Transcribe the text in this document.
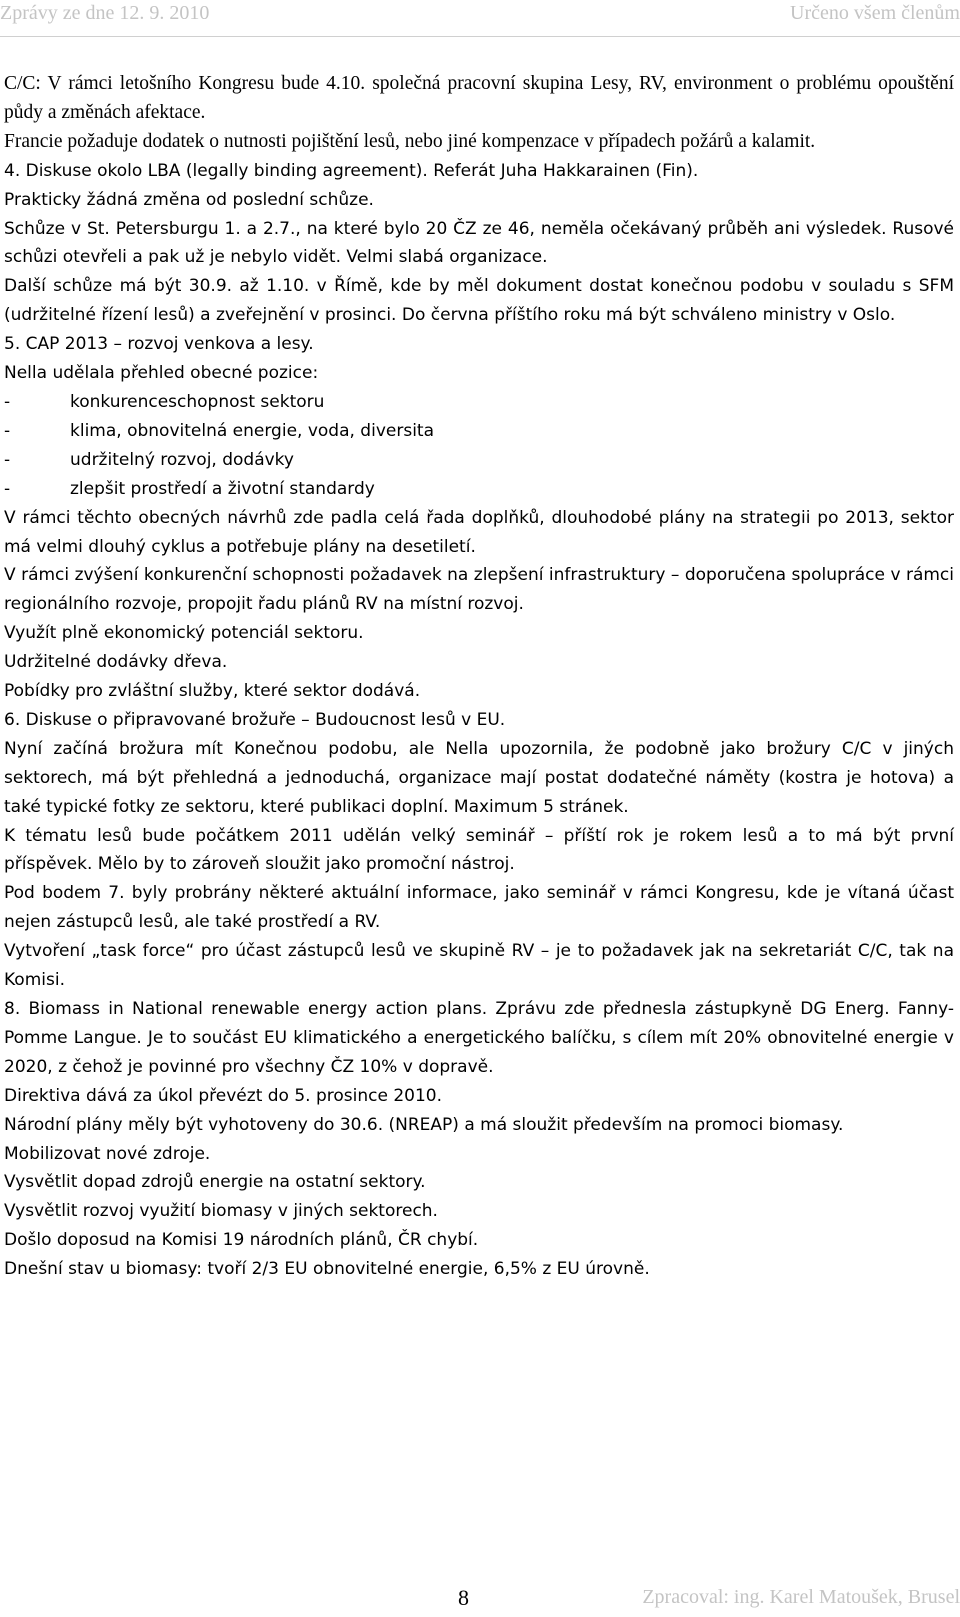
Zprávy ze dne 12. 9. 2010	Určeno všem členům

C/C: V rámci letošního Kongresu bude 4.10. společná pracovní skupina Lesy, RV, environment o problému opouštění půdy a změnách afektace.

Francie požaduje dodatek o nutnosti pojištění lesů, nebo jiné kompenzace v případech požárů a kalamit.

4. Diskuse okolo LBA (legally binding agreement). Referát Juha Hakkarainen (Fin).

Prakticky žádná změna od poslední schůze.

Schůze v St. Petersburgu 1. a 2.7., na které bylo 20 ČZ ze 46, neměla očekávaný průběh ani výsledek. Rusové schůzi otevřeli a pak už je nebylo vidět. Velmi slabá organizace.

Další schůze má být 30.9. až 1.10. v Římě, kde by měl dokument dostat konečnou podobu v souladu s SFM (udržitelné řízení lesů) a zveřejnění v prosinci. Do června příštího roku má být schváleno ministry v Oslo.

5. CAP 2013 – rozvoj venkova a lesy.

Nella udělala přehled obecné pozice:

-	konkurenceschopnost sektoru
-	klima, obnovitelná energie, voda, diversita
-	udržitelný rozvoj, dodávky
-	zlepšit prostředí a životní standardy

V rámci těchto obecných návrhů zde padla celá řada doplňků, dlouhodobé plány na strategii po 2013, sektor má velmi dlouhý cyklus a potřebuje plány na desetiletí.

V rámci zvýšení konkurenční schopnosti požadavek na zlepšení infrastruktury – doporučena spolupráce v rámci regionálního rozvoje, propojit řadu plánů RV na místní rozvoj.

Využít plně ekonomický potenciál sektoru.

Udržitelné dodávky dřeva.

Pobídky pro zvláštní služby, které sektor dodává.

6. Diskuse o připravované brožuře – Budoucnost lesů v EU.

Nyní začíná brožura mít Konečnou podobu, ale Nella upozornila, že podobně jako brožury C/C v jiných sektorech, má být přehledná a jednoduchá, organizace mají postat dodatečné náměty (kostra je hotova) a také typické fotky ze sektoru, které publikaci doplní. Maximum 5 stránek.

K tématu lesů bude počátkem 2011 udělán velký seminář – příští rok je rokem lesů a to má být první příspěvek. Mělo by to zároveň sloužit jako promoční nástroj.

Pod bodem 7. byly probrány některé aktuální informace, jako seminář v rámci Kongresu, kde je vítaná účast nejen zástupců lesů, ale také prostředí a RV.

Vytvoření „task force“ pro účast zástupců lesů ve skupině RV – je to požadavek jak na sekretariát C/C, tak na Komisi.

8. Biomass in National renewable energy action plans. Zprávu zde přednesla zástupkyně DG Energ. Fanny-Pomme Langue. Je to součást EU klimatického a energetického balíčku, s cílem mít 20% obnovitelné energie v 2020, z čehož je povinné pro všechny ČZ 10% v dopravě.

Direktiva dává za úkol převézt do 5. prosince 2010.

Národní plány měly být vyhotoveny do 30.6. (NREAP) a má sloužit především na promoci biomasy.

Mobilizovat nové zdroje.

Vysvětlit dopad zdrojů energie na ostatní sektory.

Vysvětlit rozvoj využití biomasy v jiných sektorech.

Došlo doposud na Komisi 19 národních plánů, ČR chybí.

Dnešní stav u biomasy: tvoří 2/3 EU obnovitelné energie, 6,5% z EU úrovně.

8	Zpracoval: ing. Karel Matoušek, Brusel
